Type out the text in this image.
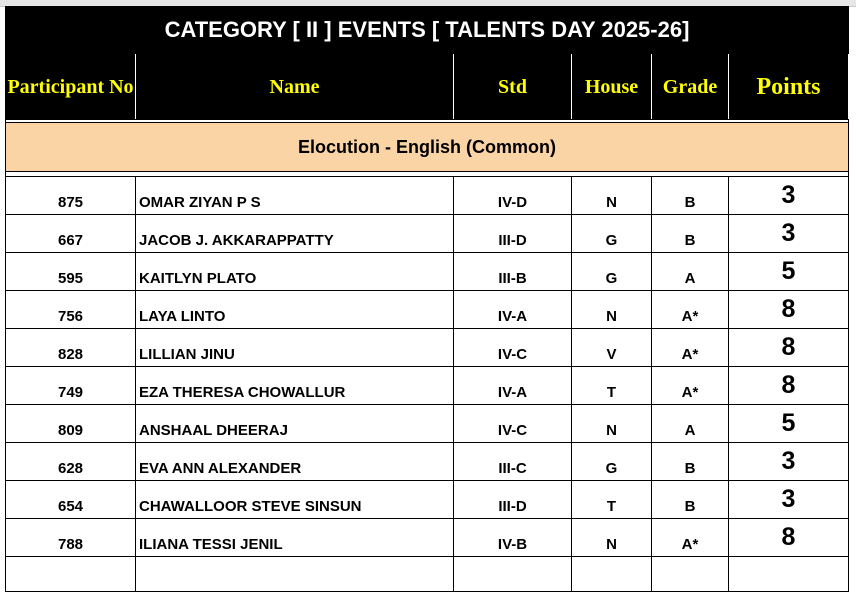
CATEGORY [ II ] EVENTS [ TALENTS DAY 2025-26]					
Participant No	Name	Std	House	Grade	Points

Elocution - English (Common)					

875	OMAR ZIYAN P S	IV-D	N	B	3
667	JACOB J. AKKARAPPATTY	III-D	G	B	3
595	KAITLYN PLATO	III-B	G	A	5
756	LAYA LINTO	IV-A	N	A*	8
828	LILLIAN JINU	IV-C	V	A*	8
749	EZA THERESA CHOWALLUR	IV-A	T	A*	8
809	ANSHAAL DHEERAJ	IV-C	N	A	5
628	EVA ANN ALEXANDER	III-C	G	B	3
654	CHAWALLOOR STEVE SINSUN	III-D	T	B	3
788	ILIANA TESSI JENIL	IV-B	N	A*	8
